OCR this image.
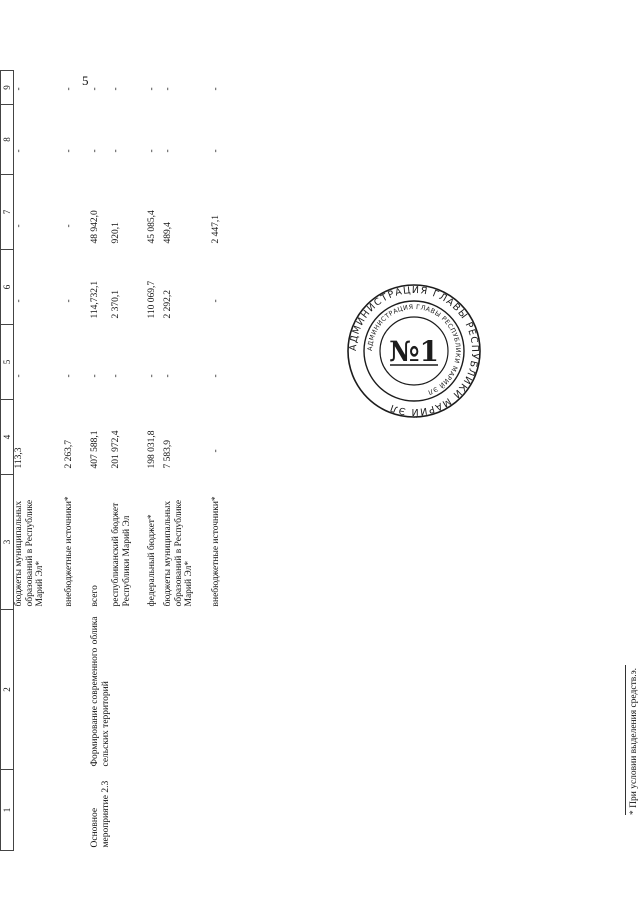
5
1	2	3	4	5	6	7	8	9
		бюджеты муниципальных образований в Республике Марий Эл*	113,3	-	-	-	-	-
		внебюджетные источники*	2 263,7	-	-	-	-	-
Основное мероприятие 2.3	Формирование современного
облика
сельских территорий	всего	407 588,1	-	114,732,1	48 942,0	-	-
		республиканский бюджет Республики Марий Эл	201 972,4	-	2 370,1	920,1	-	-
		федеральный бюджет*	198 031,8	-	110 069,7	45 085,4	-	-
		бюджеты муниципальных образований в Республике Марий Эл*	7 583,9	-	2 292,2	489,4	-	-
		внебюджетные источники*	-	-	-	2 447,1	-	-
* При условии выделения средств.э.
АДМИНИСТРАЦИЯ ГЛАВЫ РЕСПУБЛИКИ МАРИЙ ЭЛ
АДМИНИСТРАЦИЯ ГЛАВЫ РЕСПУБЛИКИ МАРИЙ ЭЛ
№1
